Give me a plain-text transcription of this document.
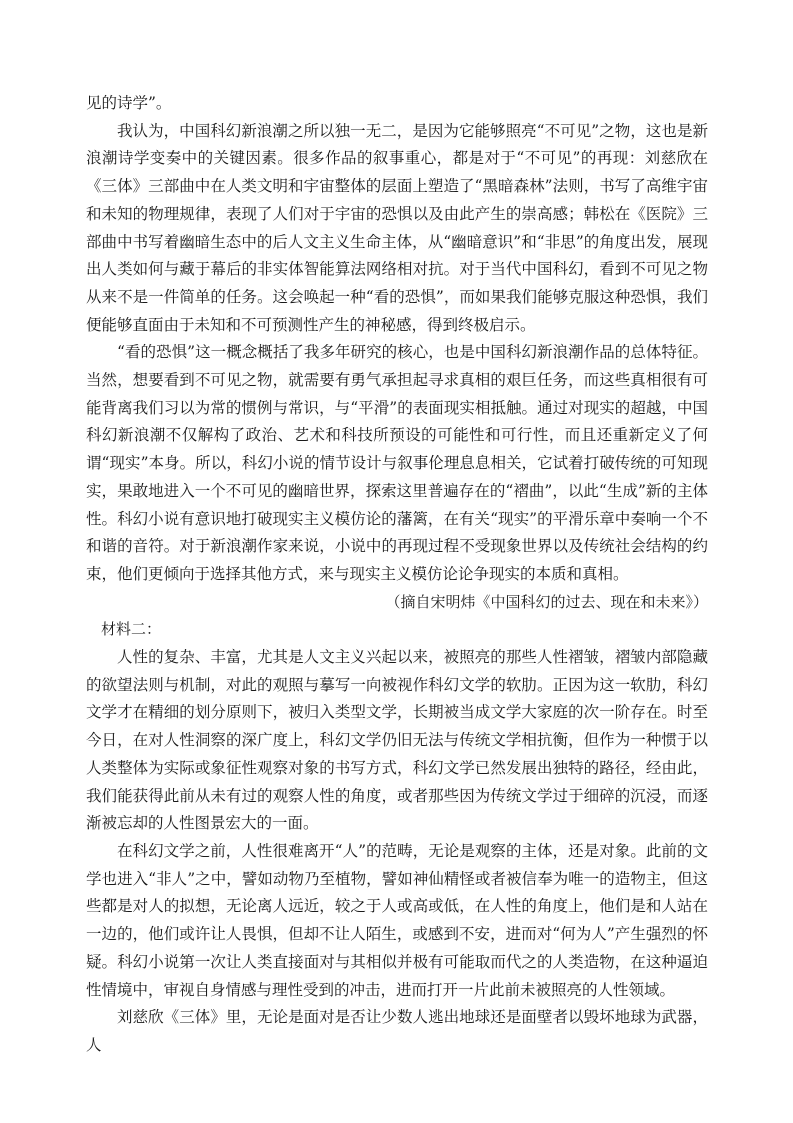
见的诗学”。

我认为，中国科幻新浪潮之所以独一无二，是因为它能够照亮“不可见”之物，这也是新浪潮诗学变奏中的关键因素。很多作品的叙事重心，都是对于“不可见”的再现：刘慈欣在《三体》三部曲中在人类文明和宇宙整体的层面上塑造了“黑暗森林”法则，书写了高维宇宙和未知的物理规律，表现了人们对于宇宙的恐惧以及由此产生的崇高感；韩松在《医院》三部曲中书写着幽暗生态中的后人文主义生命主体，从“幽暗意识”和“非思”的角度出发，展现出人类如何与藏于幕后的非实体智能算法网络相对抗。对于当代中国科幻，看到不可见之物从来不是一件简单的任务。这会唤起一种“看的恐惧”，而如果我们能够克服这种恐惧，我们便能够直面由于未知和不可预测性产生的神秘感，得到终极启示。

“看的恐惧”这一概念概括了我多年研究的核心，也是中国科幻新浪潮作品的总体特征。当然，想要看到不可见之物，就需要有勇气承担起寻求真相的艰巨任务，而这些真相很有可能背离我们习以为常的惯例与常识，与“平滑”的表面现实相抵触。通过对现实的超越，中国科幻新浪潮不仅解构了政治、艺术和科技所预设的可能性和可行性，而且还重新定义了何谓“现实”本身。所以，科幻小说的情节设计与叙事伦理息息相关，它试着打破传统的可知现实，果敢地进入一个不可见的幽暗世界，探索这里普遍存在的“褶曲”，以此“生成”新的主体性。科幻小说有意识地打破现实主义模仿论的藩篱，在有关“现实”的平滑乐章中奏响一个不和谐的音符。对于新浪潮作家来说，小说中的再现过程不受现象世界以及传统社会结构的约束，他们更倾向于选择其他方式，来与现实主义模仿论论争现实的本质和真相。

（摘自宋明炜《中国科幻的过去、现在和未来》）

材料二：

人性的复杂、丰富，尤其是人文主义兴起以来，被照亮的那些人性褶皱，褶皱内部隐藏的欲望法则与机制，对此的观照与摹写一向被视作科幻文学的软肋。正因为这一软肋，科幻文学才在精细的划分原则下，被归入类型文学，长期被当成文学大家庭的次一阶存在。时至今日，在对人性洞察的深广度上，科幻文学仍旧无法与传统文学相抗衡，但作为一种惯于以人类整体为实际或象征性观察对象的书写方式，科幻文学已然发展出独特的路径，经由此，我们能获得此前从未有过的观察人性的角度，或者那些因为传统文学过于细碎的沉浸，而逐渐被忘却的人性图景宏大的一面。

在科幻文学之前，人性很难离开“人”的范畴，无论是观察的主体，还是对象。此前的文学也进入“非人”之中，譬如动物乃至植物，譬如神仙精怪或者被信奉为唯一的造物主，但这些都是对人的拟想，无论离人远近，较之于人或高或低，在人性的角度上，他们是和人站在一边的，他们或许让人畏惧，但却不让人陌生，或感到不安，进而对“何为人”产生强烈的怀疑。科幻小说第一次让人类直接面对与其相似并极有可能取而代之的人类造物，在这种逼迫性情境中，审视自身情感与理性受到的冲击，进而打开一片此前未被照亮的人性领域。

刘慈欣《三体》里，无论是面对是否让少数人逃出地球还是面壁者以毁坏地球为武器，人
